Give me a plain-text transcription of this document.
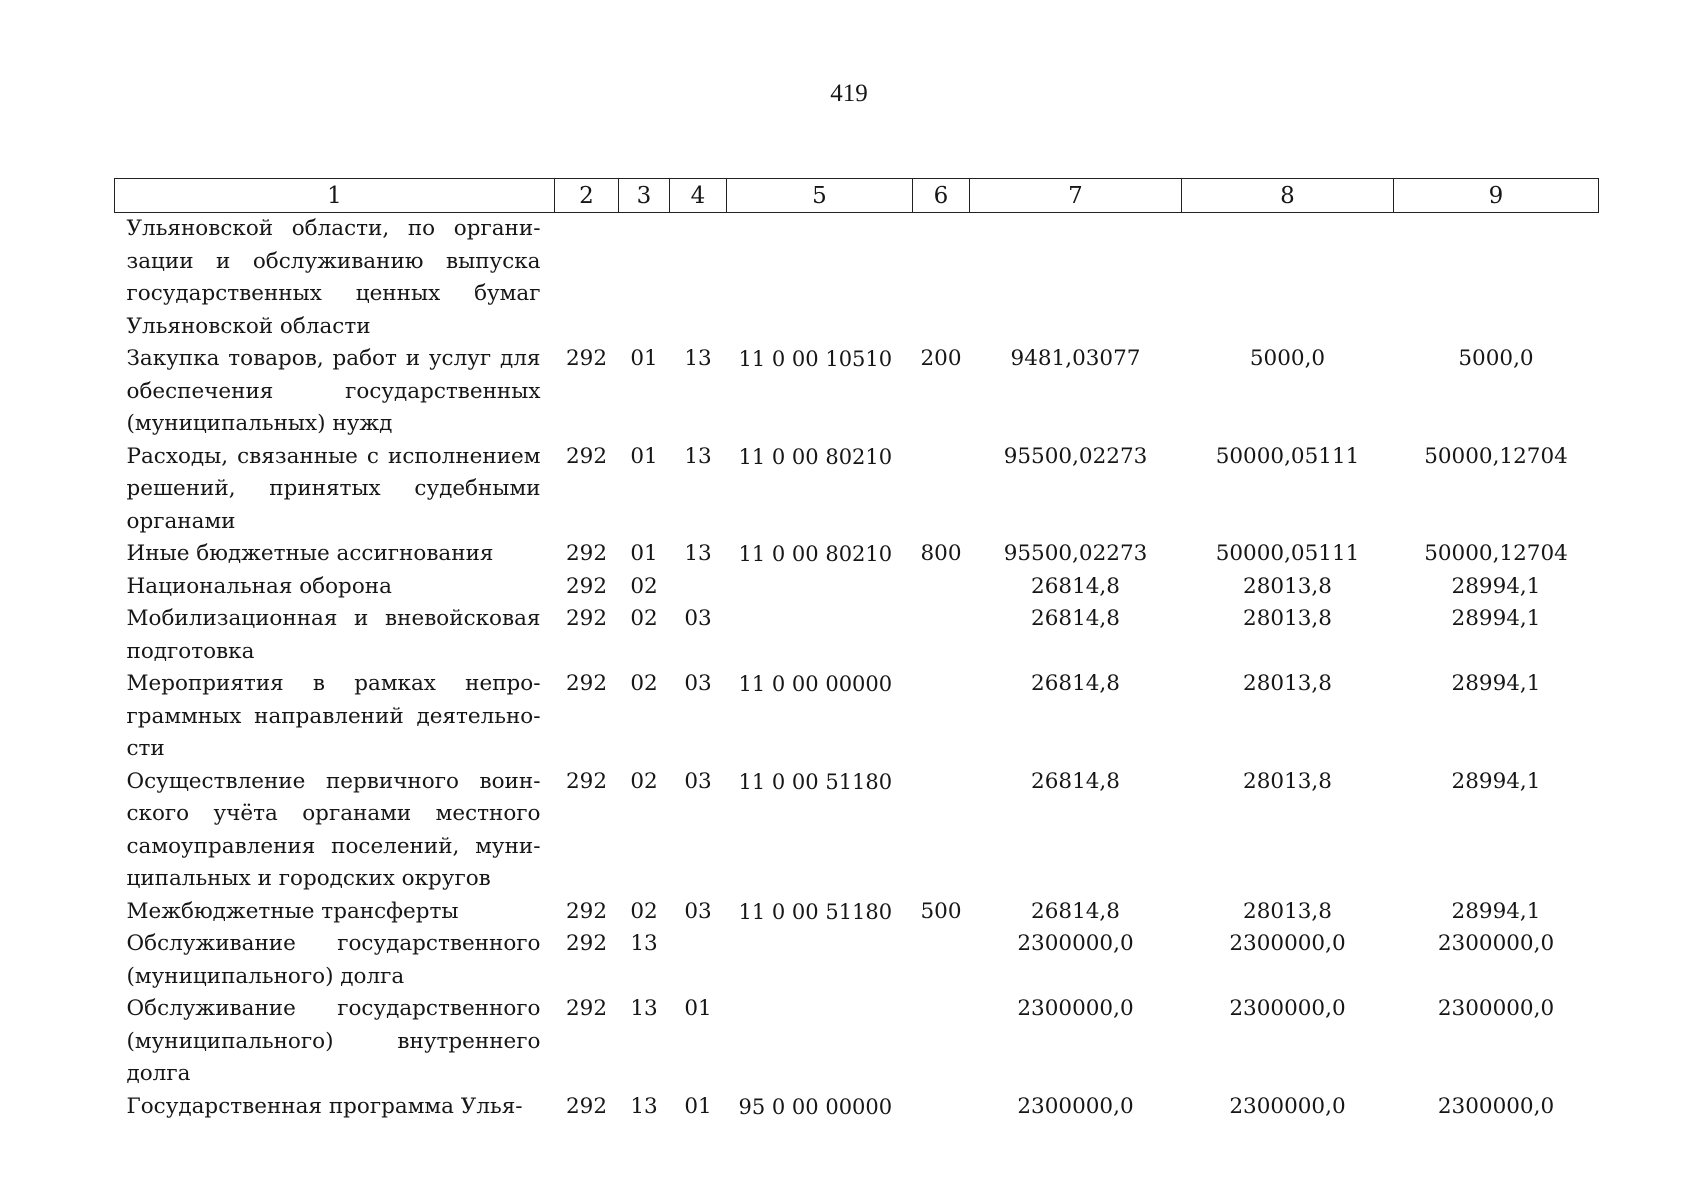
419
1	2	3	4	5	6	7	8	9
Ульяновской области, по организации и обслуживанию выпуска государственных ценных бумаг Ульяновской области								
Закупка товаров, работ и услуг для обеспечения государственных (муниципальных) нужд	292	01	13	11 0 00 10510	200	9481,03077	5000,0	5000,0
Расходы, связанные с исполнением решений, принятых судебными органами	292	01	13	11 0 00 80210		95500,02273	50000,05111	50000,12704
Иные бюджетные ассигнования	292	01	13	11 0 00 80210	800	95500,02273	50000,05111	50000,12704
Национальная оборона	292	02				26814,8	28013,8	28994,1
Мобилизационная и вневойсковая подготовка	292	02	03			26814,8	28013,8	28994,1
Мероприятия в рамках непрограммных направлений деятельности	292	02	03	11 0 00 00000		26814,8	28013,8	28994,1
Осуществление первичного воинского учёта органами местного самоуправления поселений, муниципальных и городских округов	292	02	03	11 0 00 51180		26814,8	28013,8	28994,1
Межбюджетные трансферты	292	02	03	11 0 00 51180	500	26814,8	28013,8	28994,1
Обслуживание государственного (муниципального) долга	292	13				2300000,0	2300000,0	2300000,0
Обслуживание государственного (муниципального) внутреннего долга	292	13	01			2300000,0	2300000,0	2300000,0
Государственная программа Улья-	292	13	01	95 0 00 00000		2300000,0	2300000,0	2300000,0
